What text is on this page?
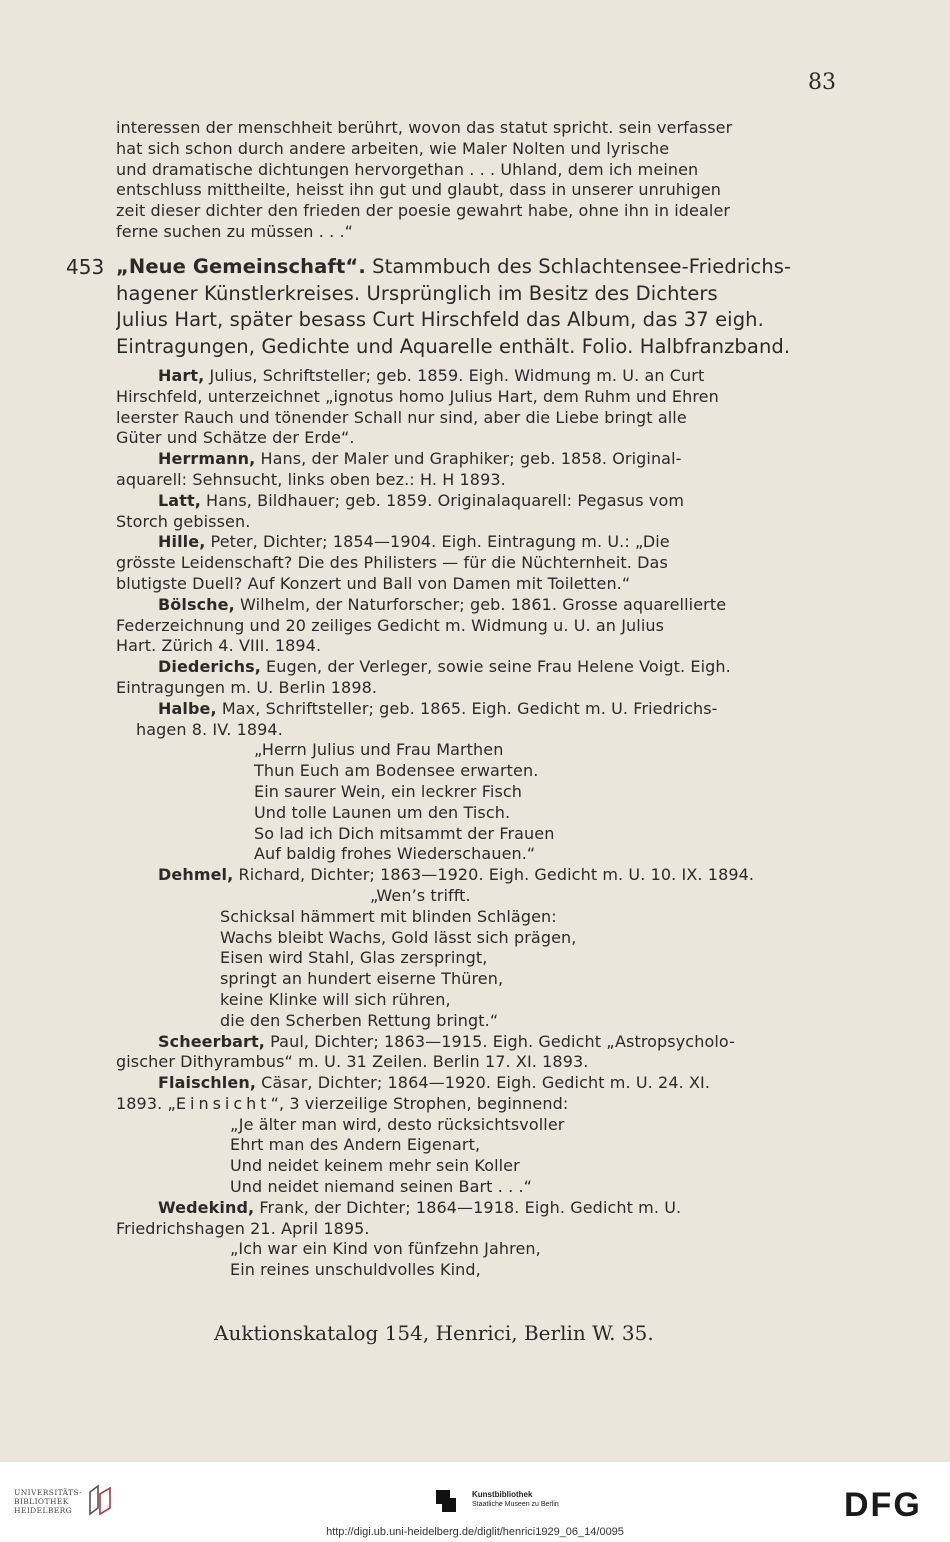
83
interessen der menschheit berührt, wovon das statut spricht. sein verfasser
hat sich schon durch andere arbeiten, wie Maler Nolten und lyrische
und dramatische dichtungen hervorgethan . . . Uhland, dem ich meinen
entschluss mittheilte, heisst ihn gut und glaubt, dass in unserer unruhigen
zeit dieser dichter den frieden der poesie gewahrt habe, ohne ihn in idealer
ferne suchen zu müssen . . .“
453 „Neue Gemeinschaft“. Stammbuch des Schlachtensee-Friedrichs-
hagener Künstlerkreises. Ursprünglich im Besitz des Dichters
Julius Hart, später besass Curt Hirschfeld das Album, das 37 eigh.
Eintragungen, Gedichte und Aquarelle enthält. Folio. Halbfranzband.
Hart, Julius, Schriftsteller; geb. 1859. Eigh. Widmung m. U. an Curt
Hirschfeld, unterzeichnet „ignotus homo Julius Hart, dem Ruhm und Ehren
leerster Rauch und tönender Schall nur sind, aber die Liebe bringt alle
Güter und Schätze der Erde“.
Herrmann, Hans, der Maler und Graphiker; geb. 1858. Original-
aquarell: Sehnsucht, links oben bez.: H. H 1893.
Latt, Hans, Bildhauer; geb. 1859. Originalaquarell: Pegasus vom
Storch gebissen.
Hille, Peter, Dichter; 1854—1904. Eigh. Eintragung m. U.: „Die
grösste Leidenschaft? Die des Philisters — für die Nüchternheit. Das
blutigste Duell? Auf Konzert und Ball von Damen mit Toiletten.“
Bölsche, Wilhelm, der Naturforscher; geb. 1861. Grosse aquarellierte
Federzeichnung und 20 zeiliges Gedicht m. Widmung u. U. an Julius
Hart. Zürich 4. VIII. 1894.
Diederichs, Eugen, der Verleger, sowie seine Frau Helene Voigt. Eigh.
Eintragungen m. U. Berlin 1898.
Halbe, Max, Schriftsteller; geb. 1865. Eigh. Gedicht m. U. Friedrichs-
hagen 8. IV. 1894.
„Herrn Julius und Frau Marthen
Thun Euch am Bodensee erwarten.
Ein saurer Wein, ein leckrer Fisch
Und tolle Launen um den Tisch.
So lad ich Dich mitsammt der Frauen
Auf baldig frohes Wiederschauen.“
Dehmel, Richard, Dichter; 1863—1920. Eigh. Gedicht m. U. 10. IX. 1894.
„Wen’s trifft.
Schicksal hämmert mit blinden Schlägen:
Wachs bleibt Wachs, Gold lässt sich prägen,
Eisen wird Stahl, Glas zerspringt,
springt an hundert eiserne Thüren,
keine Klinke will sich rühren,
die den Scherben Rettung bringt.“
Scheerbart, Paul, Dichter; 1863—1915. Eigh. Gedicht „Astropsycholo-
gischer Dithyrambus“ m. U. 31 Zeilen. Berlin 17. XI. 1893.
Flaischlen, Cäsar, Dichter; 1864—1920. Eigh. Gedicht m. U. 24. XI.
1893. „Einsicht“, 3 vierzeilige Strophen, beginnend:
„Je älter man wird, desto rücksichtsvoller
Ehrt man des Andern Eigenart,
Und neidet keinem mehr sein Koller
Und neidet niemand seinen Bart . . .“
Wedekind, Frank, der Dichter; 1864—1918. Eigh. Gedicht m. U.
Friedrichshagen 21. April 1895.
„Ich war ein Kind von fünfzehn Jahren,
Ein reines unschuldvolles Kind,
Auktionskatalog 154, Henrici, Berlin W. 35.
UNIVERSITÄTS-
BIBLIOTHEK
HEIDELBERG
Kunstbibliothek
Staatliche Museen zu Berlin	DFG
http://digi.ub.uni-heidelberg.de/diglit/henrici1929_06_14/0095
